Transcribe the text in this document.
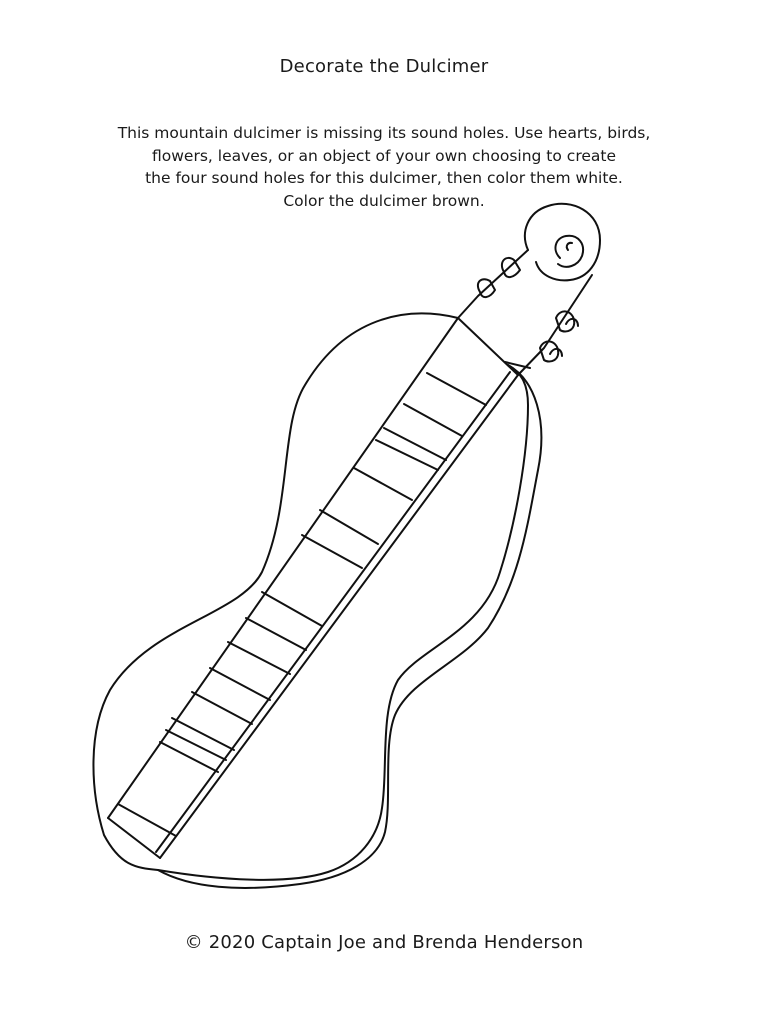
Decorate the Dulcimer
This mountain dulcimer is missing its sound holes. Use hearts, birds,
flowers, leaves, or an object of your own choosing to create
the four sound holes for this dulcimer, then color them white.
Color the dulcimer brown.
© 2020 Captain Joe and Brenda Henderson
